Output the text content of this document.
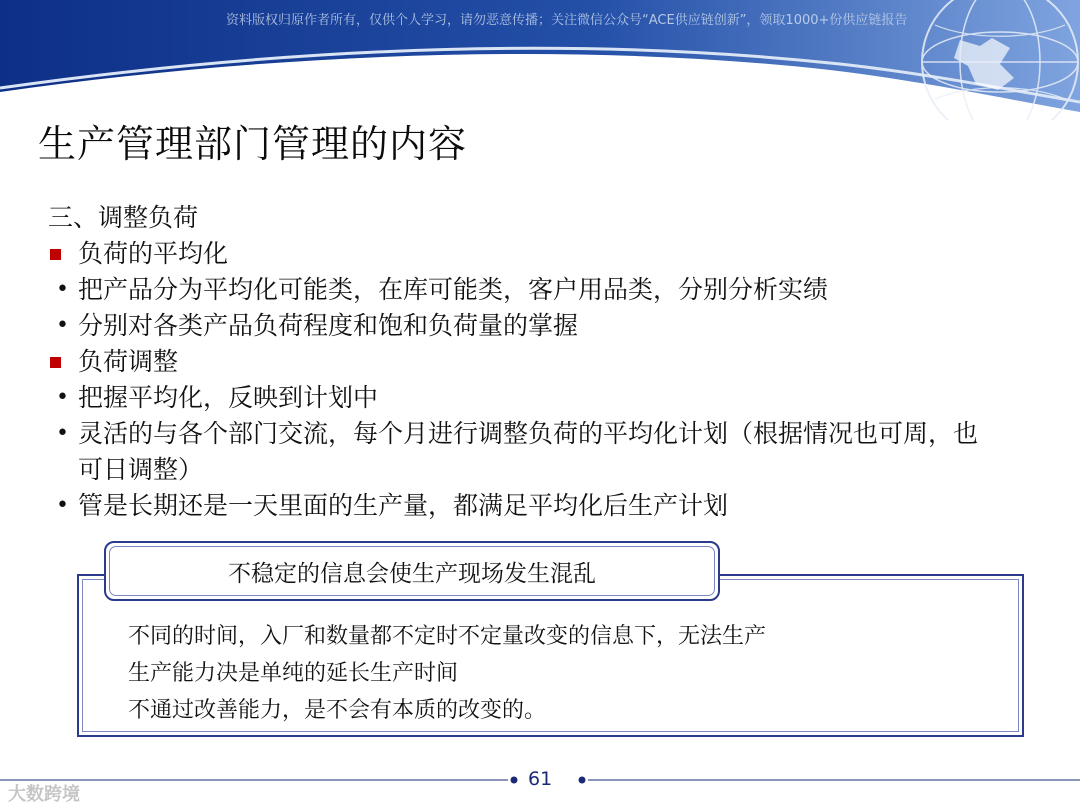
资料版权归原作者所有，仅供个人学习，请勿恶意传播；关注微信公众号“ACE供应链创新”，领取1000+份供应链报告
生产管理部门管理的内容
三、调整负荷
负荷的平均化
• 把产品分为平均化可能类，在库可能类，客户用品类，分别分析实绩
• 分别对各类产品负荷程度和饱和负荷量的掌握
负荷调整
• 把握平均化，反映到计划中
• 灵活的与各个部门交流，每个月进行调整负荷的平均化计划（根据情况也可周，也可日调整）
• 管是长期还是一天里面的生产量，都满足平均化后生产计划
不稳定的信息会使生产现场发生混乱
不同的时间，入厂和数量都不定时不定量改变的信息下，无法生产
生产能力决是单纯的延长生产时间
不通过改善能力，是不会有本质的改变的。
61
大数跨境
